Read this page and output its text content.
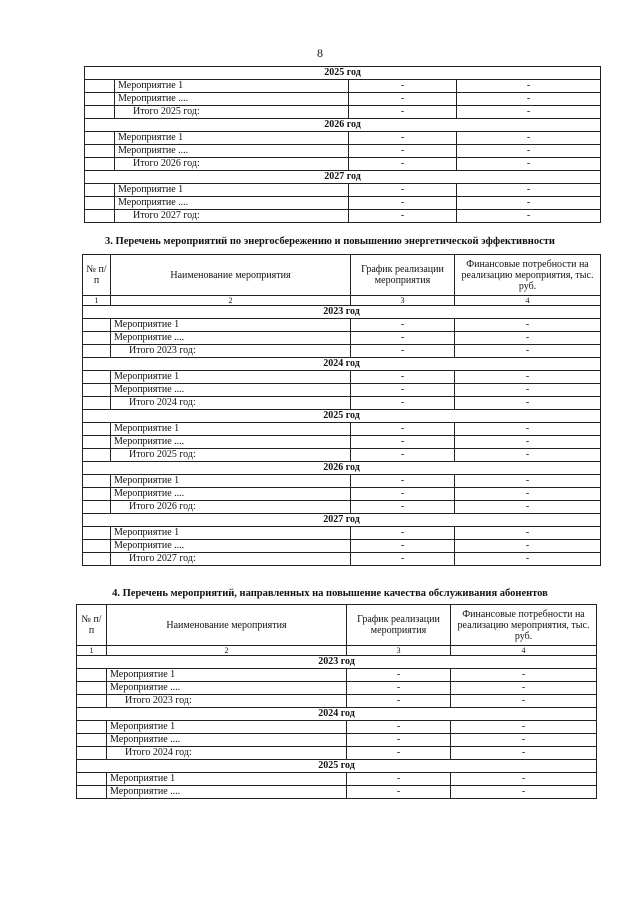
8
2025 год			
	Мероприятие 1	-	-
	Мероприятие ....	-	-
	Итого 2025 год:	-	-
2026 год			
	Мероприятие 1	-	-
	Мероприятие ....	-	-
	Итого 2026 год:	-	-
2027 год			
	Мероприятие 1	-	-
	Мероприятие ....	-	-
	Итого 2027 год:	-	-
3. Перечень мероприятий по энергосбережению и повышению энергетической эффективности
№ п/п	Наименование мероприятия	График реализации мероприятия	Финансовые потребности на реализацию мероприятия, тыс. руб.
1	2	3	4
2023 год			
	Мероприятие 1	-	-
	Мероприятие ....	-	-
	Итого 2023 год:	-	-
2024 год			
	Мероприятие 1	-	-
	Мероприятие ....	-	-
	Итого 2024 год:	-	-
2025 год			
	Мероприятие 1	-	-
	Мероприятие ....	-	-
	Итого 2025 год:	-	-
2026 год			
	Мероприятие 1	-	-
	Мероприятие ....	-	-
	Итого 2026 год:	-	-
2027 год			
	Мероприятие 1	-	-
	Мероприятие ....	-	-
	Итого 2027 год:	-	-
4. Перечень мероприятий, направленных на повышение качества обслуживания абонентов
№ п/п	Наименование мероприятия	График реализации мероприятия	Финансовые потребности на реализацию мероприятия, тыс. руб.
1	2	3	4
2023 год			
	Мероприятие 1	-	-
	Мероприятие ....	-	-
	Итого 2023 год:	-	-
2024 год			
	Мероприятие 1	-	-
	Мероприятие ....	-	-
	Итого 2024 год:	-	-
2025 год			
	Мероприятие 1	-	-
	Мероприятие ....	-	-
